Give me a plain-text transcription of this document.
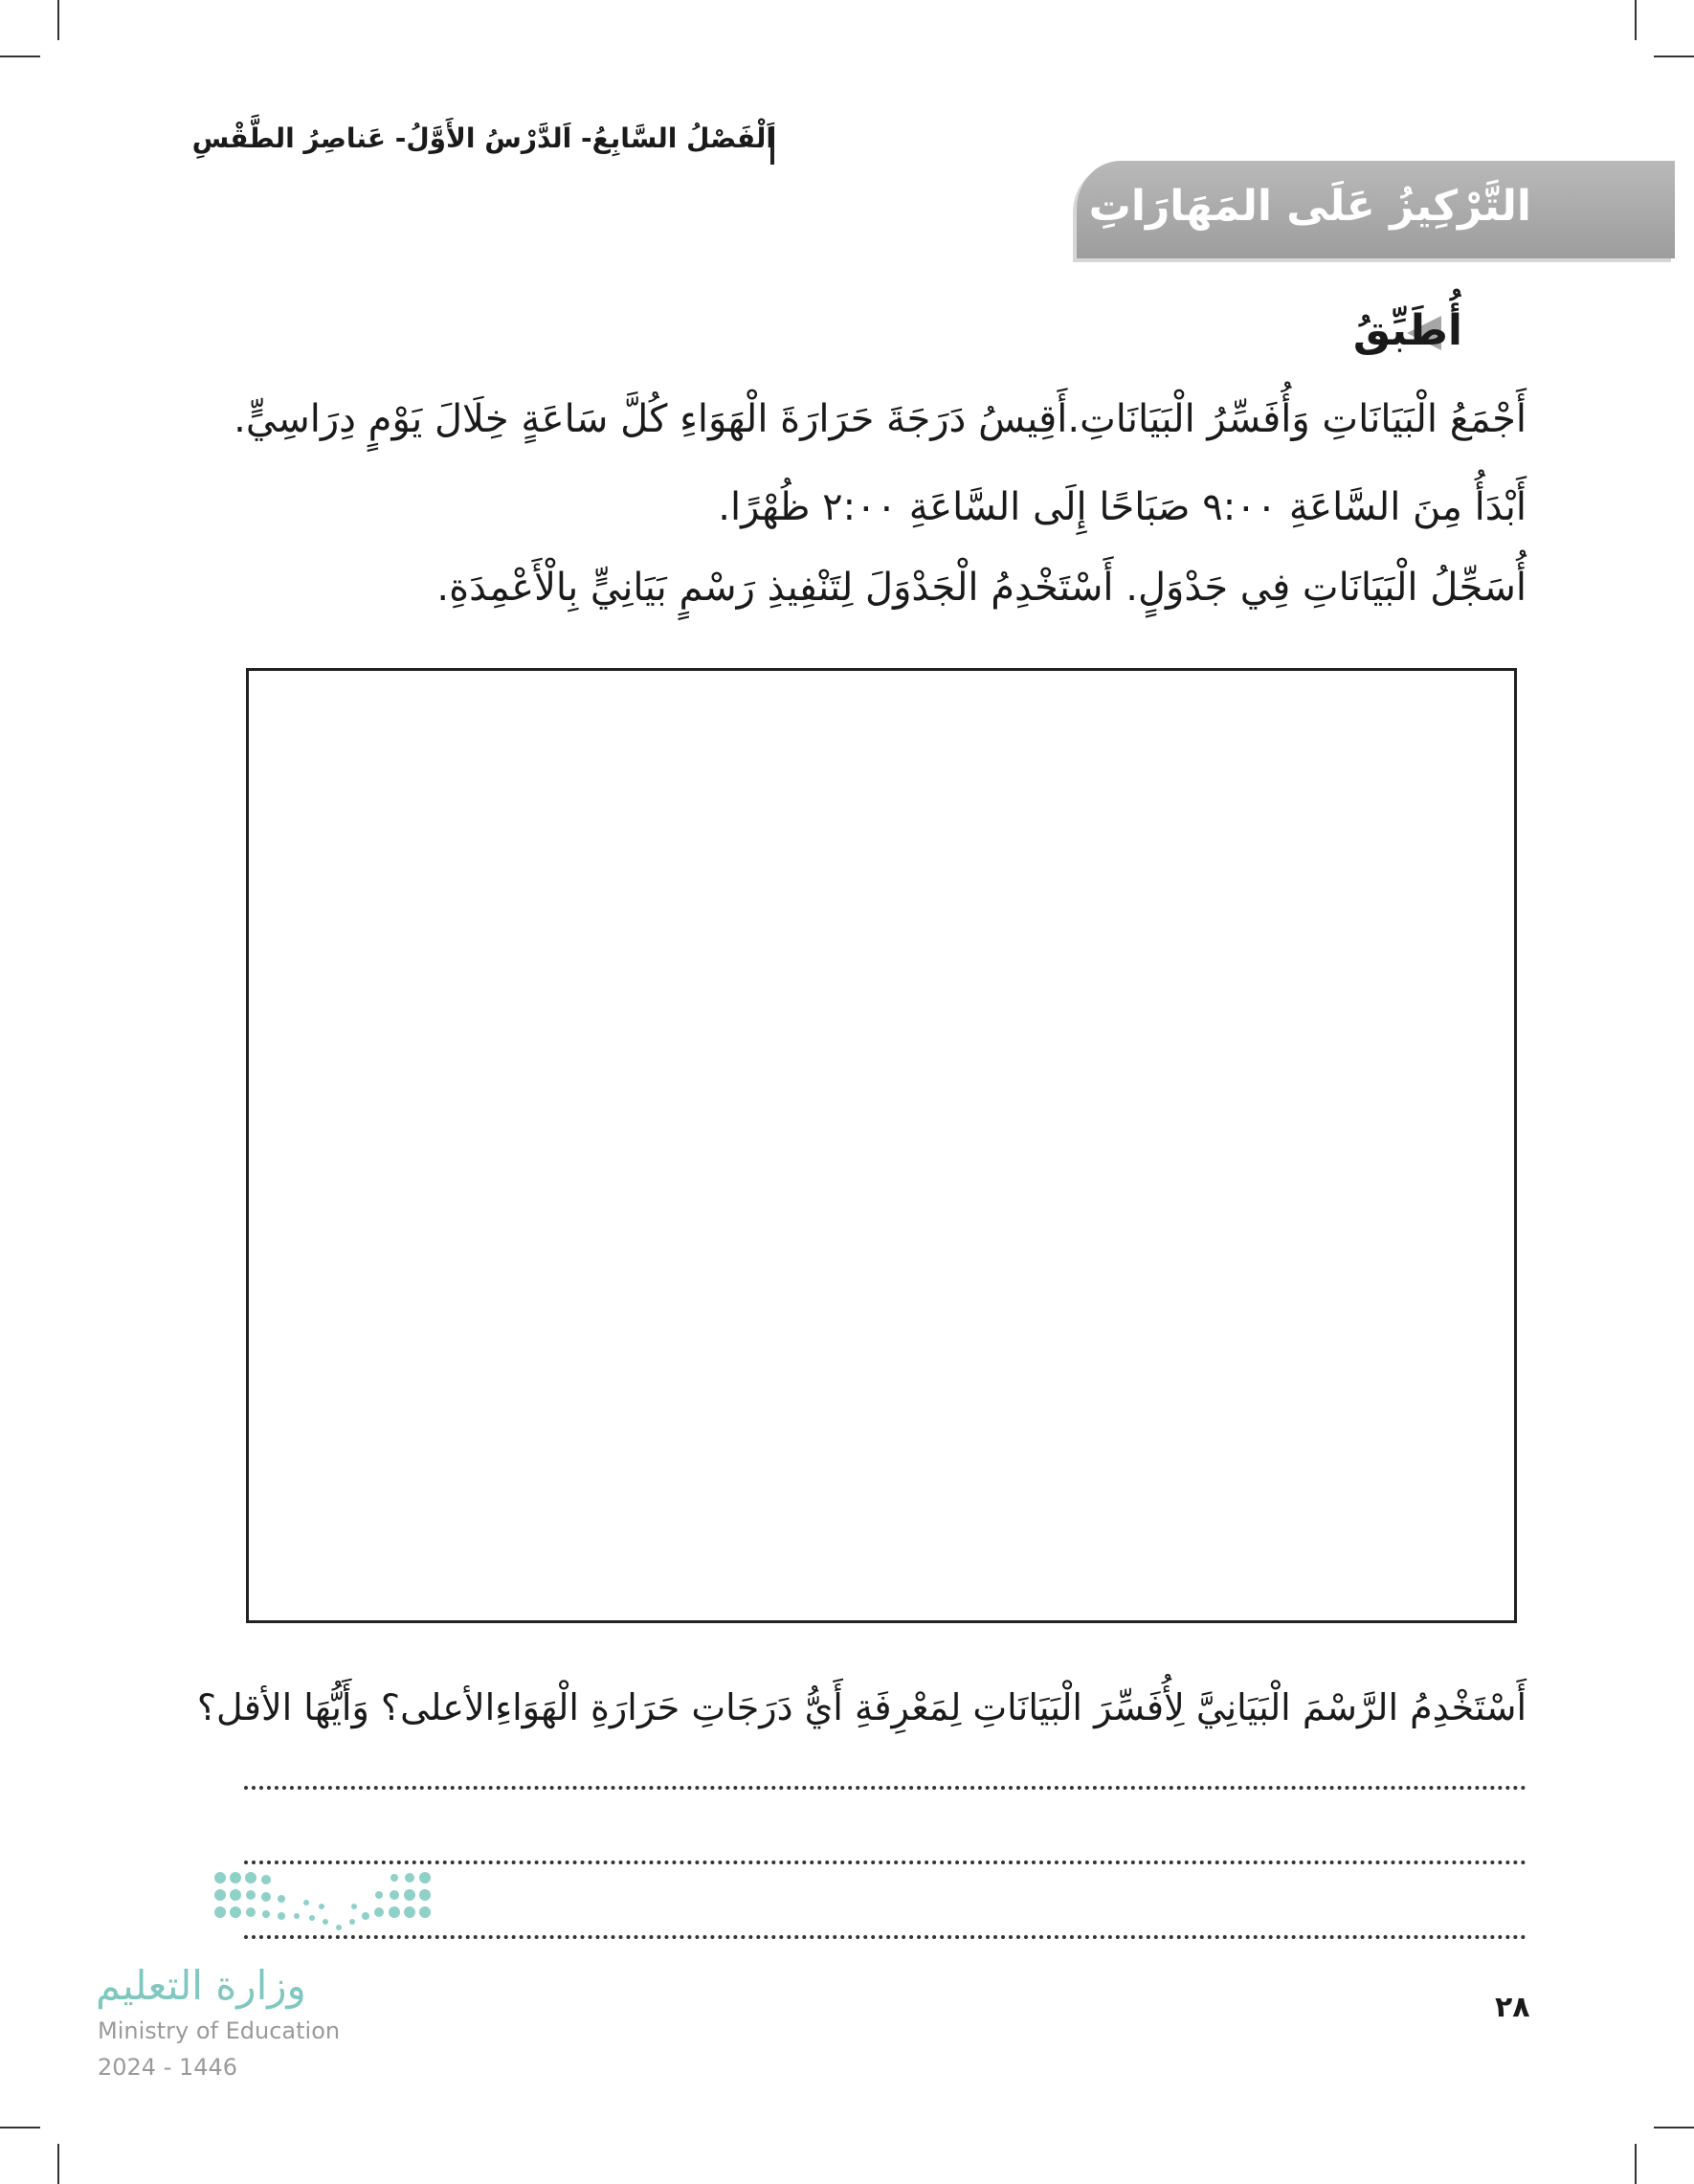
اَلْفَصْلُ السَّابِعُ- اَلدَّرْسُ الأَوَّلُ- عَناصِرُ الطَّقْسِ
التَّرْكِيزُ عَلَى المَهَارَاتِ
أُطَبِّقُ
أَجْمَعُ الْبَيَانَاتِ وَأُفَسِّرُ الْبَيَانَاتِ.أَقِيسُ دَرَجَةَ حَرَارَةَ الْهَوَاءِ كُلَّ سَاعَةٍ خِلَالَ يَوْمٍ دِرَاسِيٍّ.
أَبْدَأُ مِنَ السَّاعَةِ ٩:٠٠ صَبَاحًا إِلَى السَّاعَةِ ٢:٠٠ ظُهْرًا.
أُسَجِّلُ الْبَيَانَاتِ فِي جَدْوَلٍ. أَسْتَخْدِمُ الْجَدْوَلَ لِتَنْفِيذِ رَسْمٍ بَيَانِيٍّ بِالْأَعْمِدَةِ.
أَسْتَخْدِمُ الرَّسْمَ الْبَيَانِيَّ لِأُفَسِّرَ الْبَيَانَاتِ لِمَعْرِفَةِ أَيُّ دَرَجَاتِ حَرَارَةِ الْهَوَاءِالأعلى؟ وَأَيُّهَا الأقل؟
وزارة التعليم
Ministry of Education
2024 - 1446
٢٨
